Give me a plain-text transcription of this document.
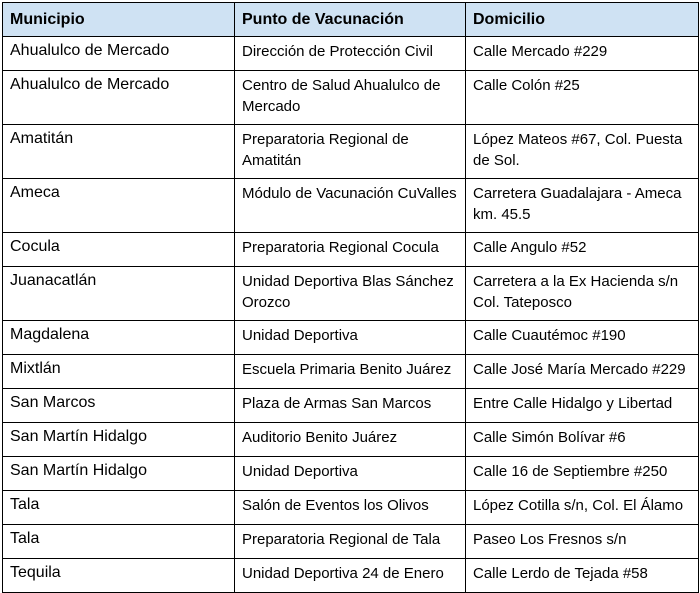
Municipio	Punto de Vacunación	Domicilio
Ahualulco de Mercado	Dirección de Protección Civil	Calle Mercado #229
Ahualulco de Mercado	Centro de Salud Ahualulco de Mercado	Calle Colón #25
Amatitán	Preparatoria Regional de Amatitán	López Mateos #67, Col. Puesta de Sol.
Ameca	Módulo de Vacunación CuValles	Carretera Guadalajara - Ameca km. 45.5
Cocula	Preparatoria Regional Cocula	Calle Angulo #52
Juanacatlán	Unidad Deportiva Blas Sánchez Orozco	Carretera a la Ex Hacienda s/n Col. Tateposco
Magdalena	Unidad Deportiva	Calle Cuautémoc #190
Mixtlán	Escuela Primaria Benito Juárez	Calle José María Mercado #229
San Marcos	Plaza de Armas San Marcos	Entre Calle Hidalgo y Libertad
San Martín Hidalgo	Auditorio Benito Juárez	Calle Simón Bolívar #6
San Martín Hidalgo	Unidad Deportiva	Calle 16 de Septiembre #250
Tala	Salón de Eventos los Olivos	López Cotilla s/n, Col. El Álamo
Tala	Preparatoria Regional de Tala	Paseo Los Fresnos s/n
Tequila	Unidad Deportiva 24 de Enero	Calle Lerdo de Tejada #58
